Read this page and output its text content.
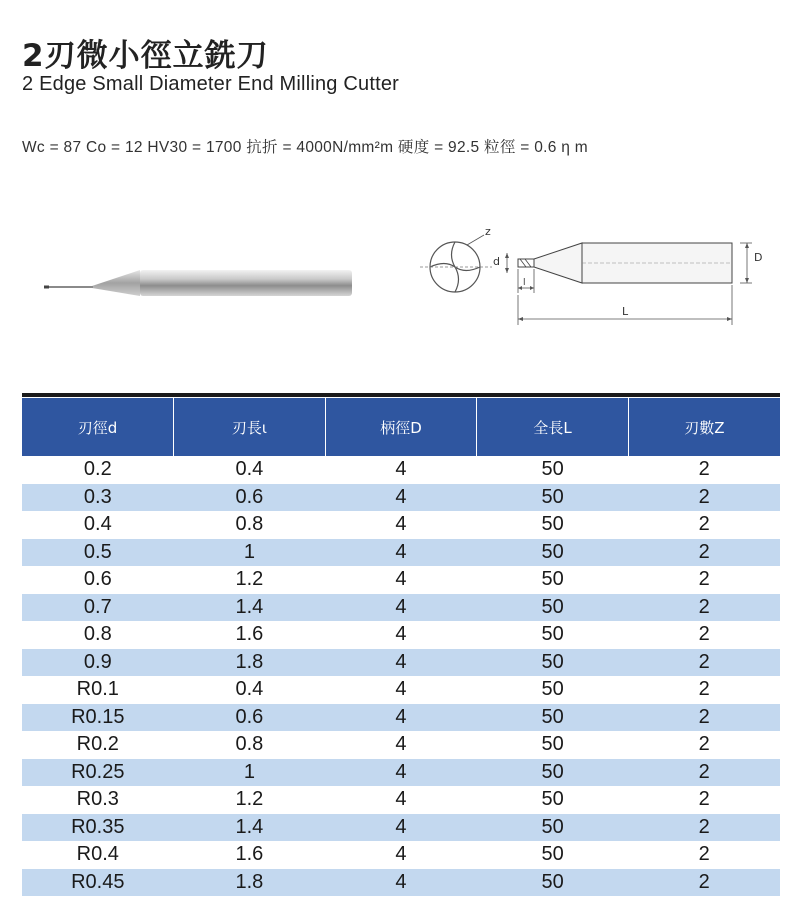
2刃微小徑立銑刀
2 Edge Small Diameter End Milling Cutter
Wc = 87 Co = 12 HV30 = 1700 抗折 = 4000N/mm²m 硬度 = 92.5 粒徑 = 0.6 η m
z
d	D
l
L
刃徑d	刃長ι	柄徑D	全長L	刃數Z
0.2	0.4	4	50	2
0.3	0.6	4	50	2
0.4	0.8	4	50	2
0.5	1	4	50	2
0.6	1.2	4	50	2
0.7	1.4	4	50	2
0.8	1.6	4	50	2
0.9	1.8	4	50	2
R0.1	0.4	4	50	2
R0.15	0.6	4	50	2
R0.2	0.8	4	50	2
R0.25	1	4	50	2
R0.3	1.2	4	50	2
R0.35	1.4	4	50	2
R0.4	1.6	4	50	2
R0.45	1.8	4	50	2
